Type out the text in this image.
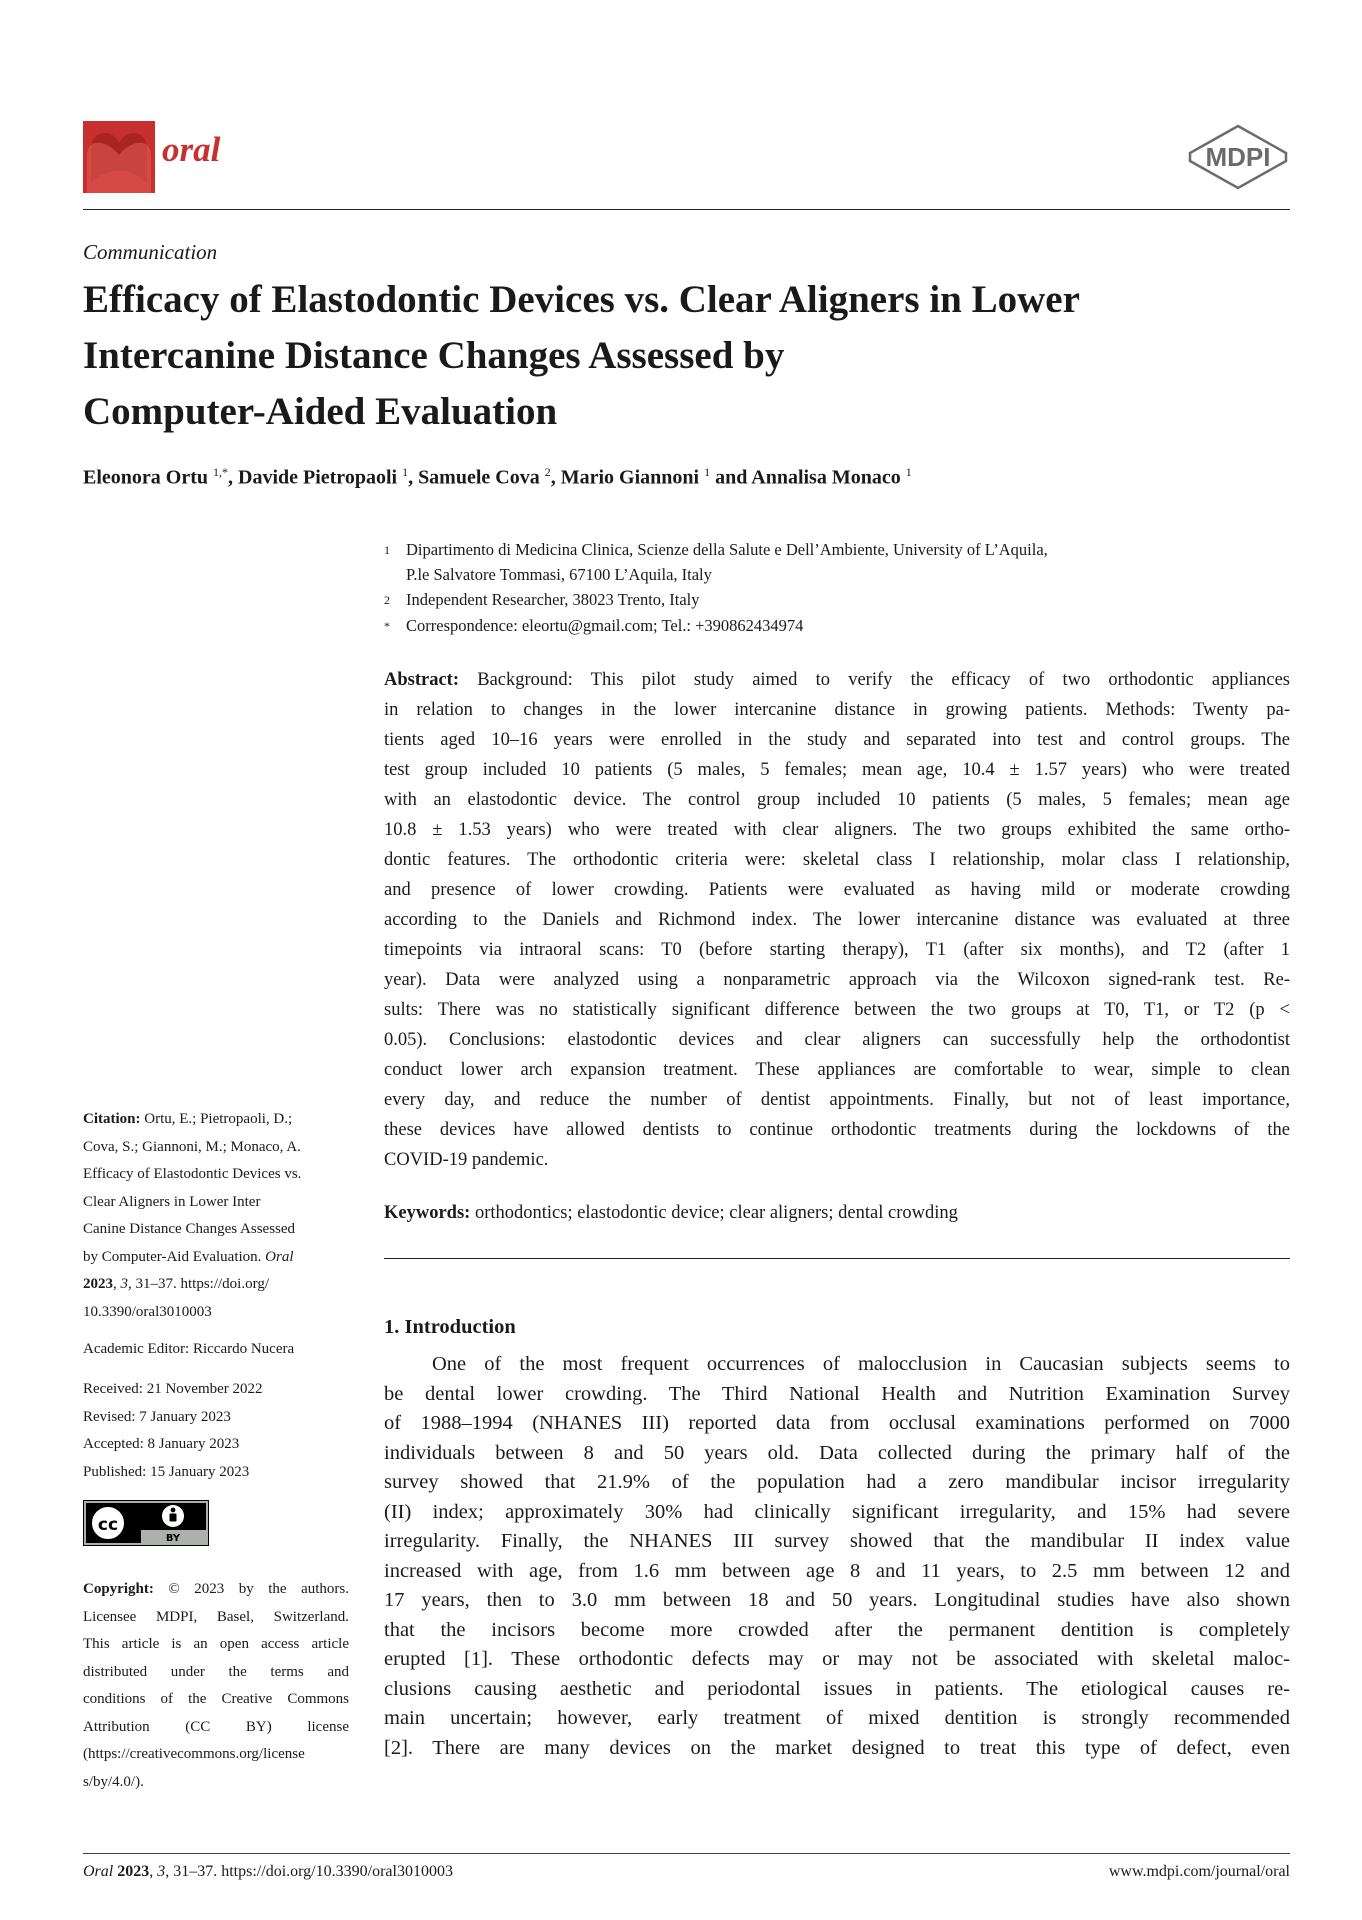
oral	MDPI
Communication
Efficacy of Elastodontic Devices vs. Clear Aligners in Lower
Intercanine Distance Changes Assessed by
Computer-Aided Evaluation
Eleonora Ortu $^{1,*}$, Davide Pietropaoli $^1$, Samuele Cova $^2$, Mario Giannoni $^1$ and Annalisa Monaco $^1$
1 Dipartimento di Medicina Clinica, Scienze della Salute e Dell’Ambiente, University of L’Aquila,
P.le Salvatore Tommasi, 67100 L’Aquila, Italy
2 Independent Researcher, 38023 Trento, Italy
* Correspondence: eleortu@gmail.com; Tel.: +390862434974
Abstract: Background: This pilot study aimed to verify the efficacy of two orthodontic appliances
in relation to changes in the lower intercanine distance in growing patients. Methods: Twenty pa-
tients aged 10–16 years were enrolled in the study and separated into test and control groups. The
test group included 10 patients (5 males, 5 females; mean age, 10.4 ± 1.57 years) who were treated
with an elastodontic device. The control group included 10 patients (5 males, 5 females; mean age
10.8 ± 1.53 years) who were treated with clear aligners. The two groups exhibited the same ortho-
dontic features. The orthodontic criteria were: skeletal class I relationship, molar class I relationship,
and presence of lower crowding. Patients were evaluated as having mild or moderate crowding
according to the Daniels and Richmond index. The lower intercanine distance was evaluated at three
timepoints via intraoral scans: T0 (before starting therapy), T1 (after six months), and T2 (after 1
year). Data were analyzed using a nonparametric approach via the Wilcoxon signed-rank test. Re-
sults: There was no statistically significant difference between the two groups at T0, T1, or T2 (p <
0.05). Conclusions: elastodontic devices and clear aligners can successfully help the orthodontist
conduct lower arch expansion treatment. These appliances are comfortable to wear, simple to clean
every day, and reduce the number of dentist appointments. Finally, but not of least importance,
these devices have allowed dentists to continue orthodontic treatments during the lockdowns of the
COVID-19 pandemic.
Keywords: orthodontics; elastodontic device; clear aligners; dental crowding
1. Introduction
One of the most frequent occurrences of malocclusion in Caucasian subjects seems to
be dental lower crowding. The Third National Health and Nutrition Examination Survey
of 1988–1994 (NHANES III) reported data from occlusal examinations performed on 7000
individuals between 8 and 50 years old. Data collected during the primary half of the
survey showed that 21.9% of the population had a zero mandibular incisor irregularity
(II) index; approximately 30% had clinically significant irregularity, and 15% had severe
irregularity. Finally, the NHANES III survey showed that the mandibular II index value
increased with age, from 1.6 mm between age 8 and 11 years, to 2.5 mm between 12 and
17 years, then to 3.0 mm between 18 and 50 years. Longitudinal studies have also shown
that the incisors become more crowded after the permanent dentition is completely
erupted [1]. These orthodontic defects may or may not be associated with skeletal maloc-
clusions causing aesthetic and periodontal issues in patients. The etiological causes re-
main uncertain; however, early treatment of mixed dentition is strongly recommended
[2]. There are many devices on the market designed to treat this type of defect, even
Citation: Ortu, E.; Pietropaoli, D.;
Cova, S.; Giannoni, M.; Monaco, A.
Efficacy of Elastodontic Devices vs.
Clear Aligners in Lower Inter
Canine Distance Changes Assessed
by Computer-Aid Evaluation. Oral
2023, 3, 31–37. https://doi.org/
10.3390/oral3010003
Academic Editor: Riccardo Nucera
Received: 21 November 2022
Revised: 7 January 2023
Accepted: 8 January 2023
Published: 15 January 2023
cc
BY
Copyright: © 2023 by the authors.
Licensee MDPI, Basel, Switzerland.
This article is an open access article
distributed under the terms and
conditions of the Creative Commons
Attribution (CC BY) license
(https://creativecommons.org/license
s/by/4.0/).
Oral 2023, 3, 31–37. https://doi.org/10.3390/oral3010003	www.mdpi.com/journal/oral
